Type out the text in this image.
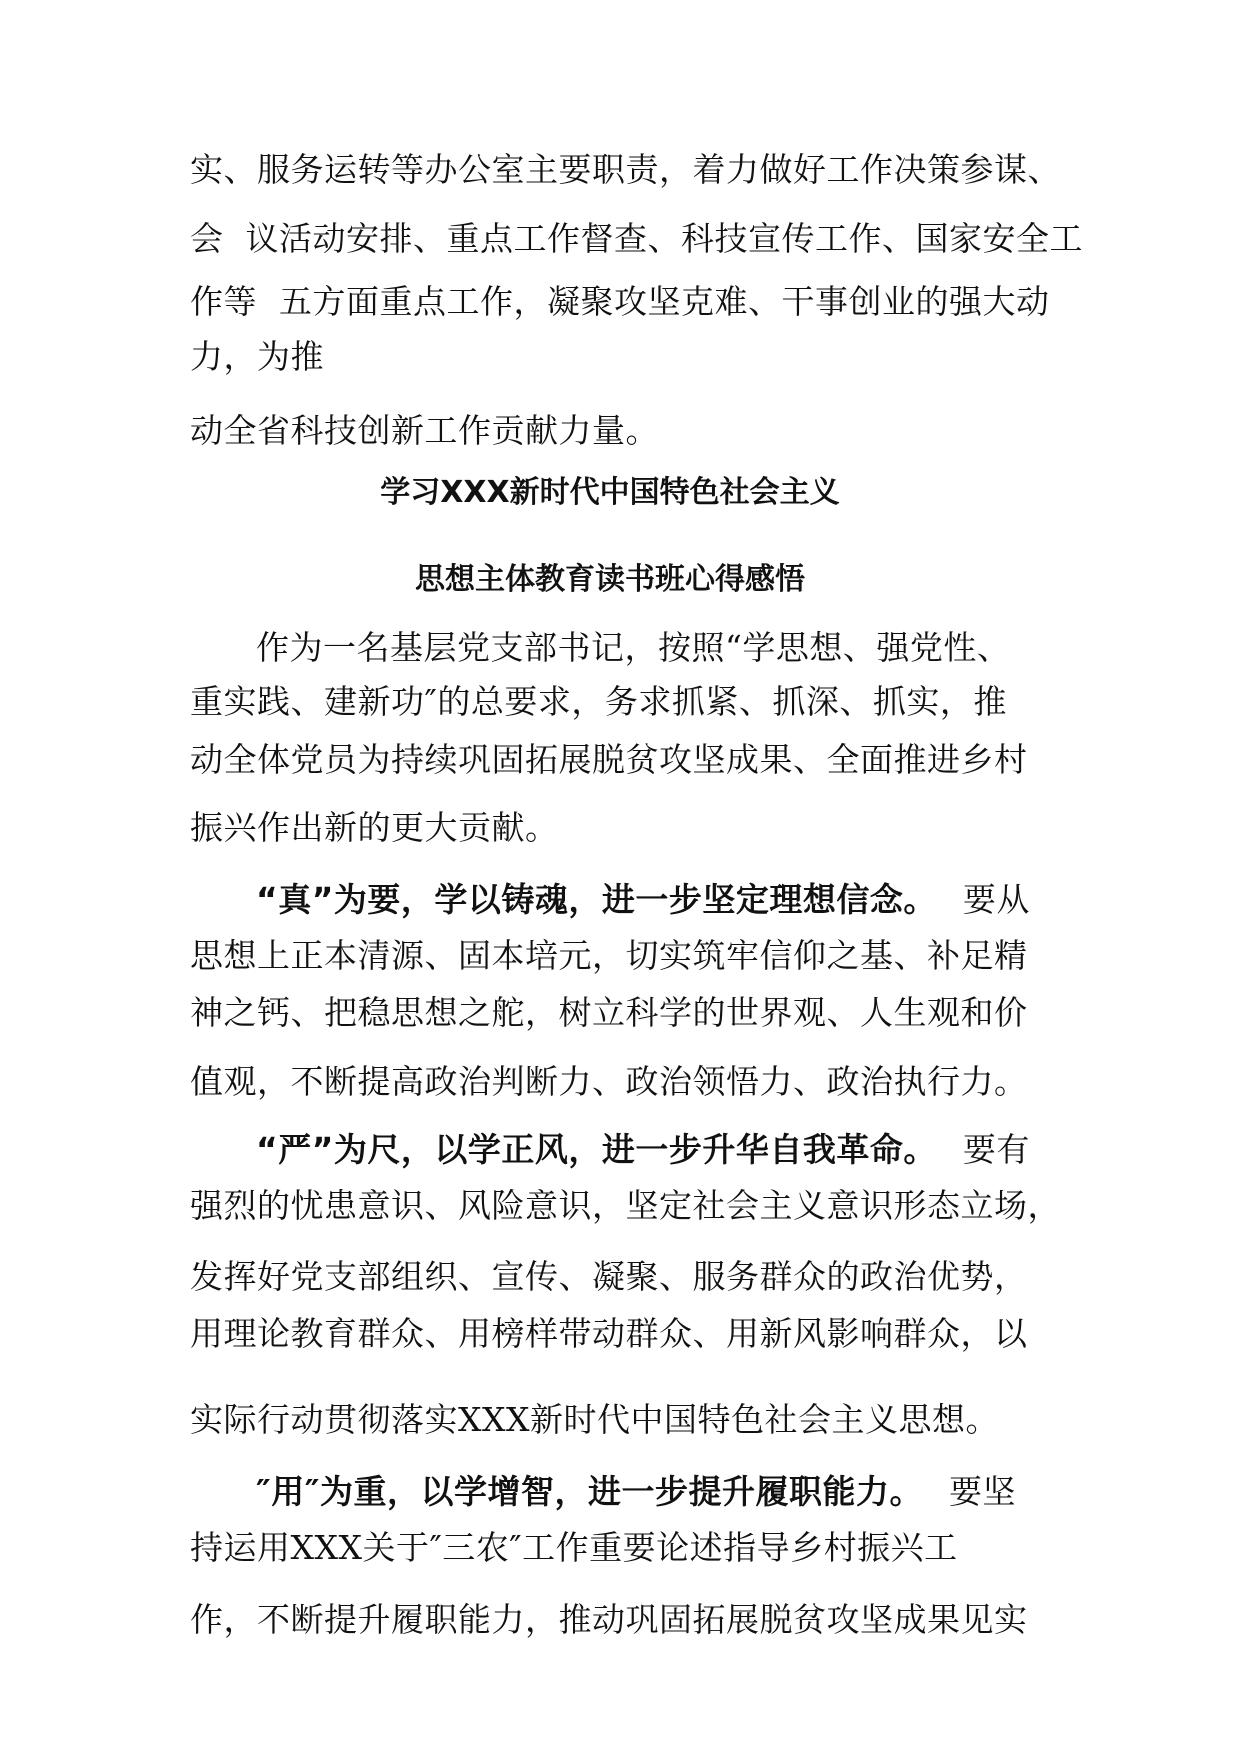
实、服务运转等办公室主要职责，着力做好工作决策参谋、
会  议活动安排、重点工作督查、科技宣传工作、国家安全工
作等  五方面重点工作，凝聚攻坚克难、干事创业的强大动
力，为推
动全省科技创新工作贡献力量。
学习XXX新时代中国特色社会主义
思想主体教育读书班心得感悟
作为一名基层党支部书记，按照“学思想、强党性、
重实践、建新功″的总要求，务求抓紧、抓深、抓实，推
动全体党员为持续巩固拓展脱贫攻坚成果、全面推进乡村
振兴作出新的更大贡献。
“真”为要，学以铸魂，进一步坚定理想信念。 要从
思想上正本清源、固本培元，切实筑牢信仰之基、补足精
神之钙、把稳思想之舵，树立科学的世界观、人生观和价
值观，不断提高政治判断力、政治领悟力、政治执行力。
“严”为尺，以学正风，进一步升华自我革命。 要有
强烈的忧患意识、风险意识，坚定社会主义意识形态立场，
发挥好党支部组织、宣传、凝聚、服务群众的政治优势，
用理论教育群众、用榜样带动群众、用新风影响群众，以
实际行动贯彻落实XXX新时代中国特色社会主义思想。
″用″为重，以学增智，进一步提升履职能力。 要坚
持运用XXX关于″三农″工作重要论述指导乡村振兴工
作，不断提升履职能力，推动巩固拓展脱贫攻坚成果见实
